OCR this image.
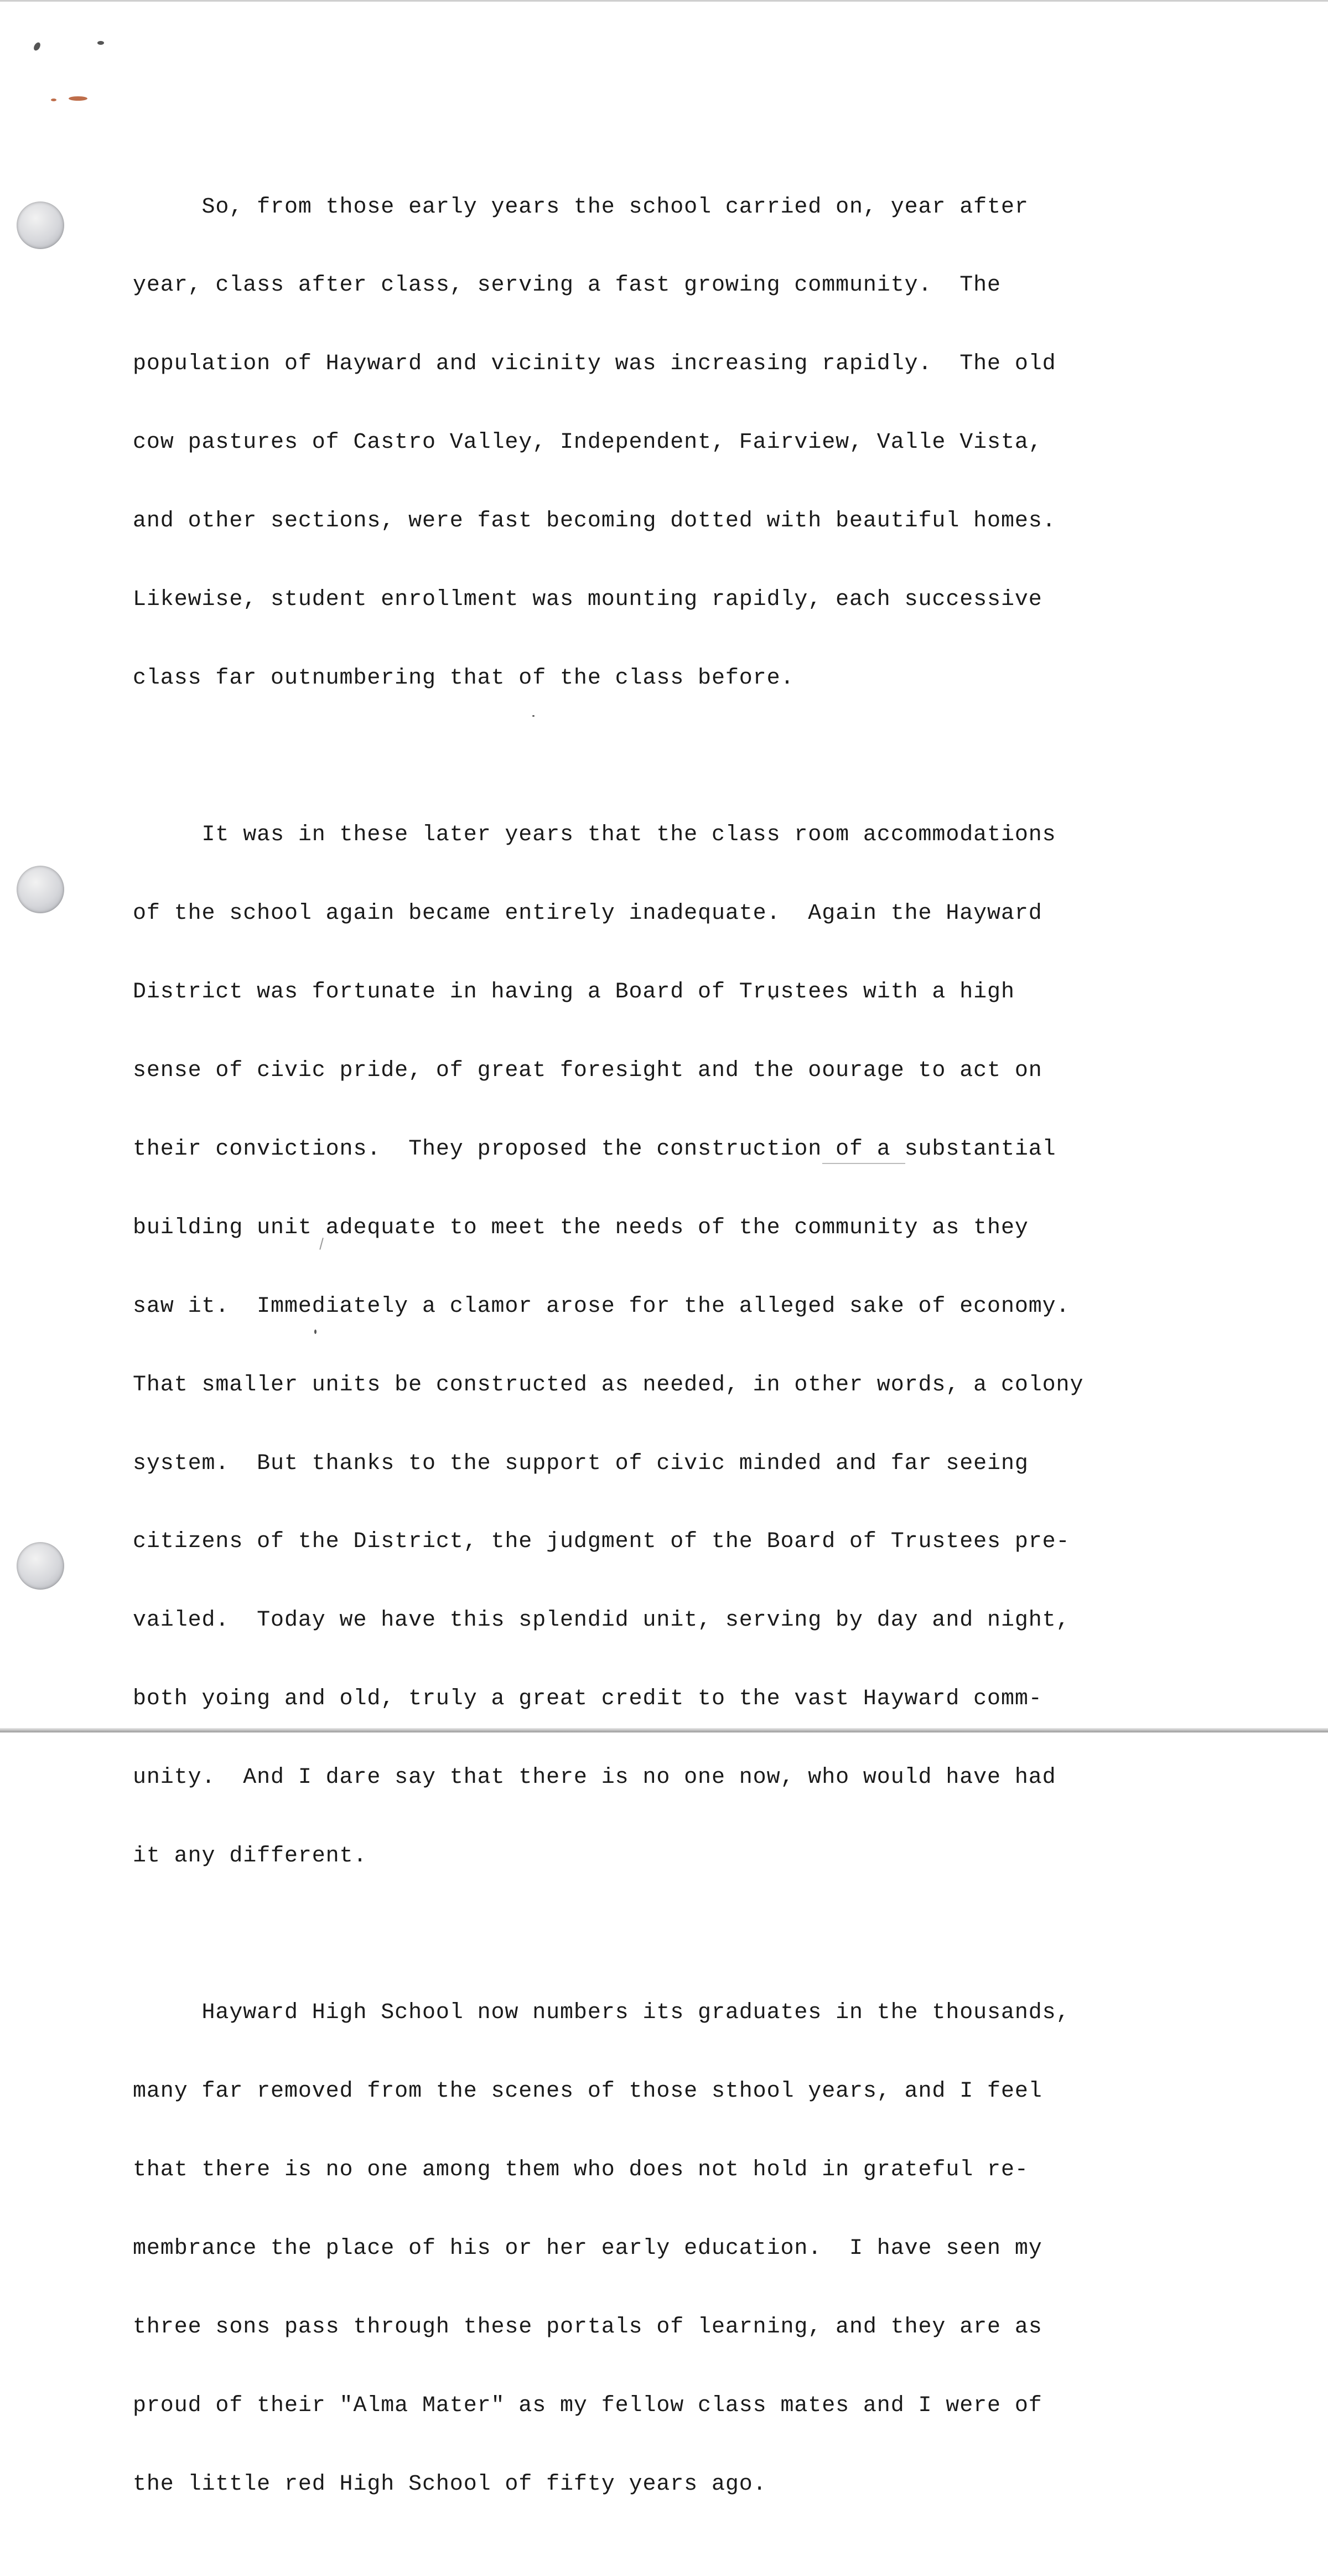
So, from those early years the school carried on, year after

year, class after class, serving a fast growing community.  The

population of Hayward and vicinity was increasing rapidly.  The old

cow pastures of Castro Valley, Independent, Fairview, Valle Vista,

and other sections, were fast becoming dotted with beautiful homes.

Likewise, student enrollment was mounting rapidly, each successive

class far outnumbering that of the class before.

It was in these later years that the class room accommodations

of the school again became entirely inadequate.  Again the Hayward

District was fortunate in having a Board of Trustees with a high

sense of civic pride, of great foresight and the oourage to act on

their convictions.  They proposed the construction of a substantial

building unit adequate to meet the needs of the community as they

saw it.  Immediately a clamor arose for the alleged sake of economy.

That smaller units be constructed as needed, in other words, a colony

system.  But thanks to the support of civic minded and far seeing

citizens of the District, the judgment of the Board of Trustees pre-

vailed.  Today we have this splendid unit, serving by day and night,

both yoing and old, truly a great credit to the vast Hayward comm-

unity.  And I dare say that there is no one now, who would have had

it any different.

Hayward High School now numbers its graduates in the thousands,

many far removed from the scenes of those sthool years, and I feel

that there is no one among them who does not hold in grateful re-

membrance the place of his or her early education.  I have seen my

three sons pass through these portals of learning, and they are as

proud of their "Alma Mater" as my fellow class mates and I were of

the little red High School of fifty years ago.
